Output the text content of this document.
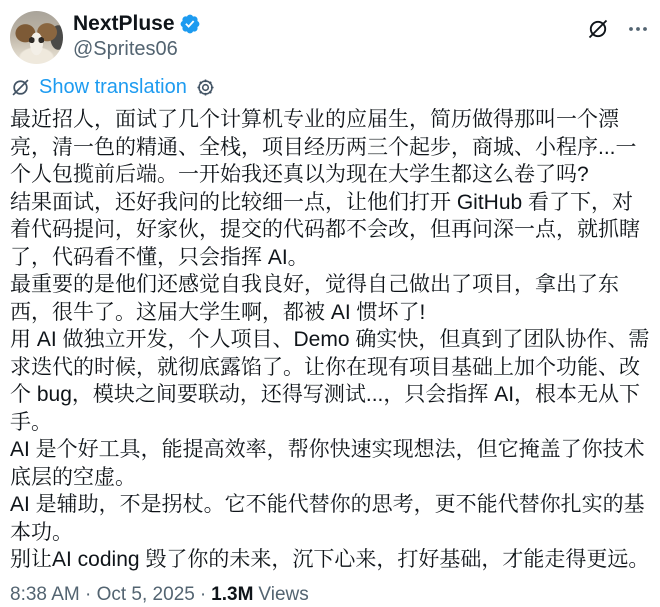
NextPluse
@Sprites06
Show translation
最近招人，面试了几个计算机专业的应届生，简历做得那叫一个漂亮，清一色的精通、全栈，项目经历两三个起步，商城、小程序...一个人包揽前后端。一开始我还真以为现在大学生都这么卷了吗?
结果面试，还好我问的比较细一点，让他们打开 GitHub 看了下，对着代码提问，好家伙，提交的代码都不会改，但再问深一点，就抓瞎了，代码看不懂，只会指挥 AI。
最重要的是他们还感觉自我良好，觉得自己做出了项目，拿出了东西，很牛了。这届大学生啊，都被 AI 惯坏了!
用 AI 做独立开发，个人项目、Demo 确实快，但真到了团队协作、需求迭代的时候，就彻底露馅了。让你在现有项目基础上加个功能、改个 bug，模块之间要联动，还得写测试...，只会指挥 AI，根本无从下手。
AI 是个好工具，能提高效率，帮你快速实现想法，但它掩盖了你技术底层的空虚。
AI 是辅助，不是拐杖。它不能代替你的思考，更不能代替你扎实的基本功。
别让AI coding 毁了你的未来，沉下心来，打好基础，才能走得更远。
8:38 AM · Oct 5, 2025 · 1.3M Views
